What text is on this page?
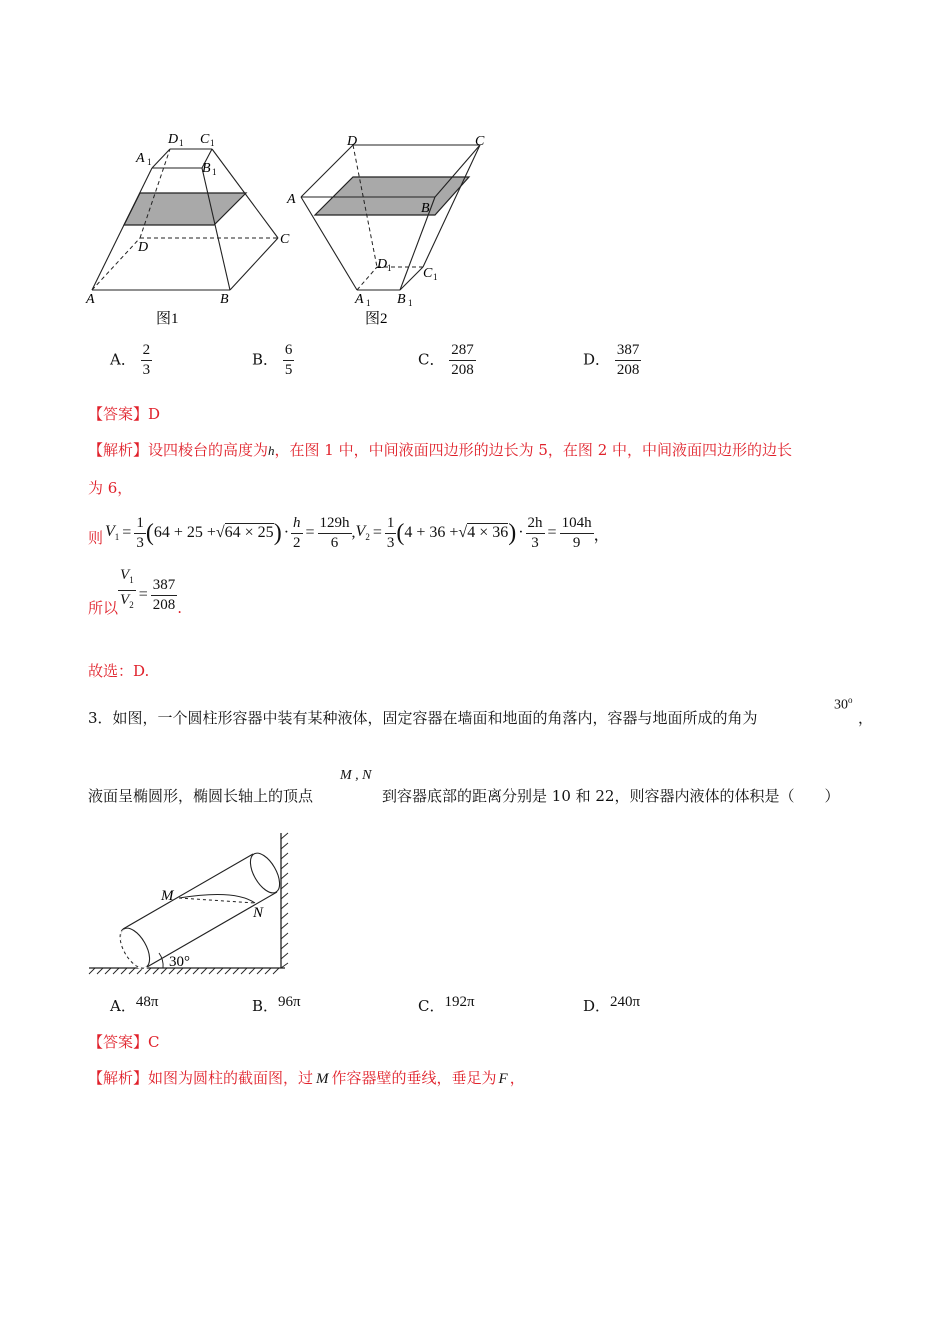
A	B
C
D
A 1	B 1
C 1
D 1
图1
A
B
C
D
A 1 B 1
C 1
D 1
图2
A． $\frac{2}{3}$	B． $\frac{6}{5}$	C． $\frac{287}{208}$	D． $\frac{387}{208}$
【答案】D
【解析】设四棱台的高度为h，在图 1 中，中间液面四边形的边长为 5，在图 2 中，中间液面四边形的边长
为 6，
则 $V_1 = \frac{1}{3}$ ( 64 + 25 + √64 × 25 ) · $\frac{h}{2} = \frac{129h}{6}$ , $V_2 = \frac{1}{3}$ ( 4 + 36 + √4 × 36 ) · $\frac{2h}{3} = \frac{104h}{9}$ ，
所以 $\frac{V_1}{V_2} = \frac{387}{208}$ .
故选：D.
3．如图，一个圆柱形容器中装有某种液体，固定容器在墙面和地面的角落内，容器与地面所成的角为
30$^o$
，
液面呈椭圆形，椭圆长轴上的顶点
M , N
到容器底部的距离分别是 10 和 22，则容器内液体的体积是（　　）
M
N
30°
A．48π	B．96π	C．192π	D．240π
【答案】C
【解析】如图为圆柱的截面图，过 M 作容器壁的垂线，垂足为 F ，
